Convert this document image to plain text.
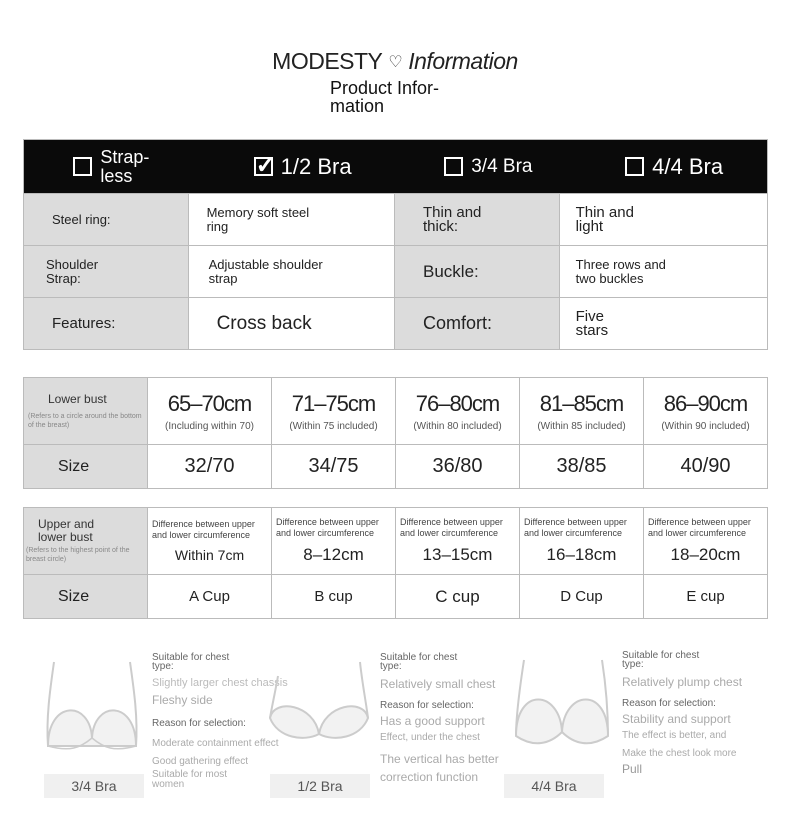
MODESTY ♡ Information
Product Infor-
mation
Strap-less
✓	1/2 Bra	3/4 Bra	4/4 Bra
Steel ring:	Memory soft steel ring
Thin and thick:
Thin and light
Shoulder Strap:
Adjustable shoulder strap	Buckle:	Three rows and two buckles
Features:	Cross back	Comfort:	Five stars
Lower bust
(Refers to a circle around the bottom of the breast)
65–70cm
(Including within 70)
71–75cm
(Within 75 included)
76–80cm
(Within 80 included)
81–85cm
(Within 85 included)
86–90cm
(Within 90 included)
Size	32/70	34/75	36/80	38/85	40/90
Upper and lower bust
(Refers to the highest point of the breast circle)
Difference between upper and lower circumference
Within 7cm
Difference between upper and lower circumference
8–12cm
Difference between upper and lower circumference
13–15cm
Difference between upper and lower circumference
16–18cm
Difference between upper and lower circumference
18–20cm
Size	A Cup	B cup	C cup	D Cup	E cup
3/4 Bra
Suitable for chest type:
Slightly larger chest chassis
Fleshy side
Reason for selection:
Moderate containment effect
Good gathering effect
Suitable for most women	1/2 Bra
Suitable for chest type:
Relatively small chest
Reason for selection:
Has a good support
Effect, under the chest
The vertical has better correction function
4/4 Bra
Suitable for chest type:
Relatively plump chest
Reason for selection:
Stability and support
The effect is better, and
Make the chest look more
Pull
